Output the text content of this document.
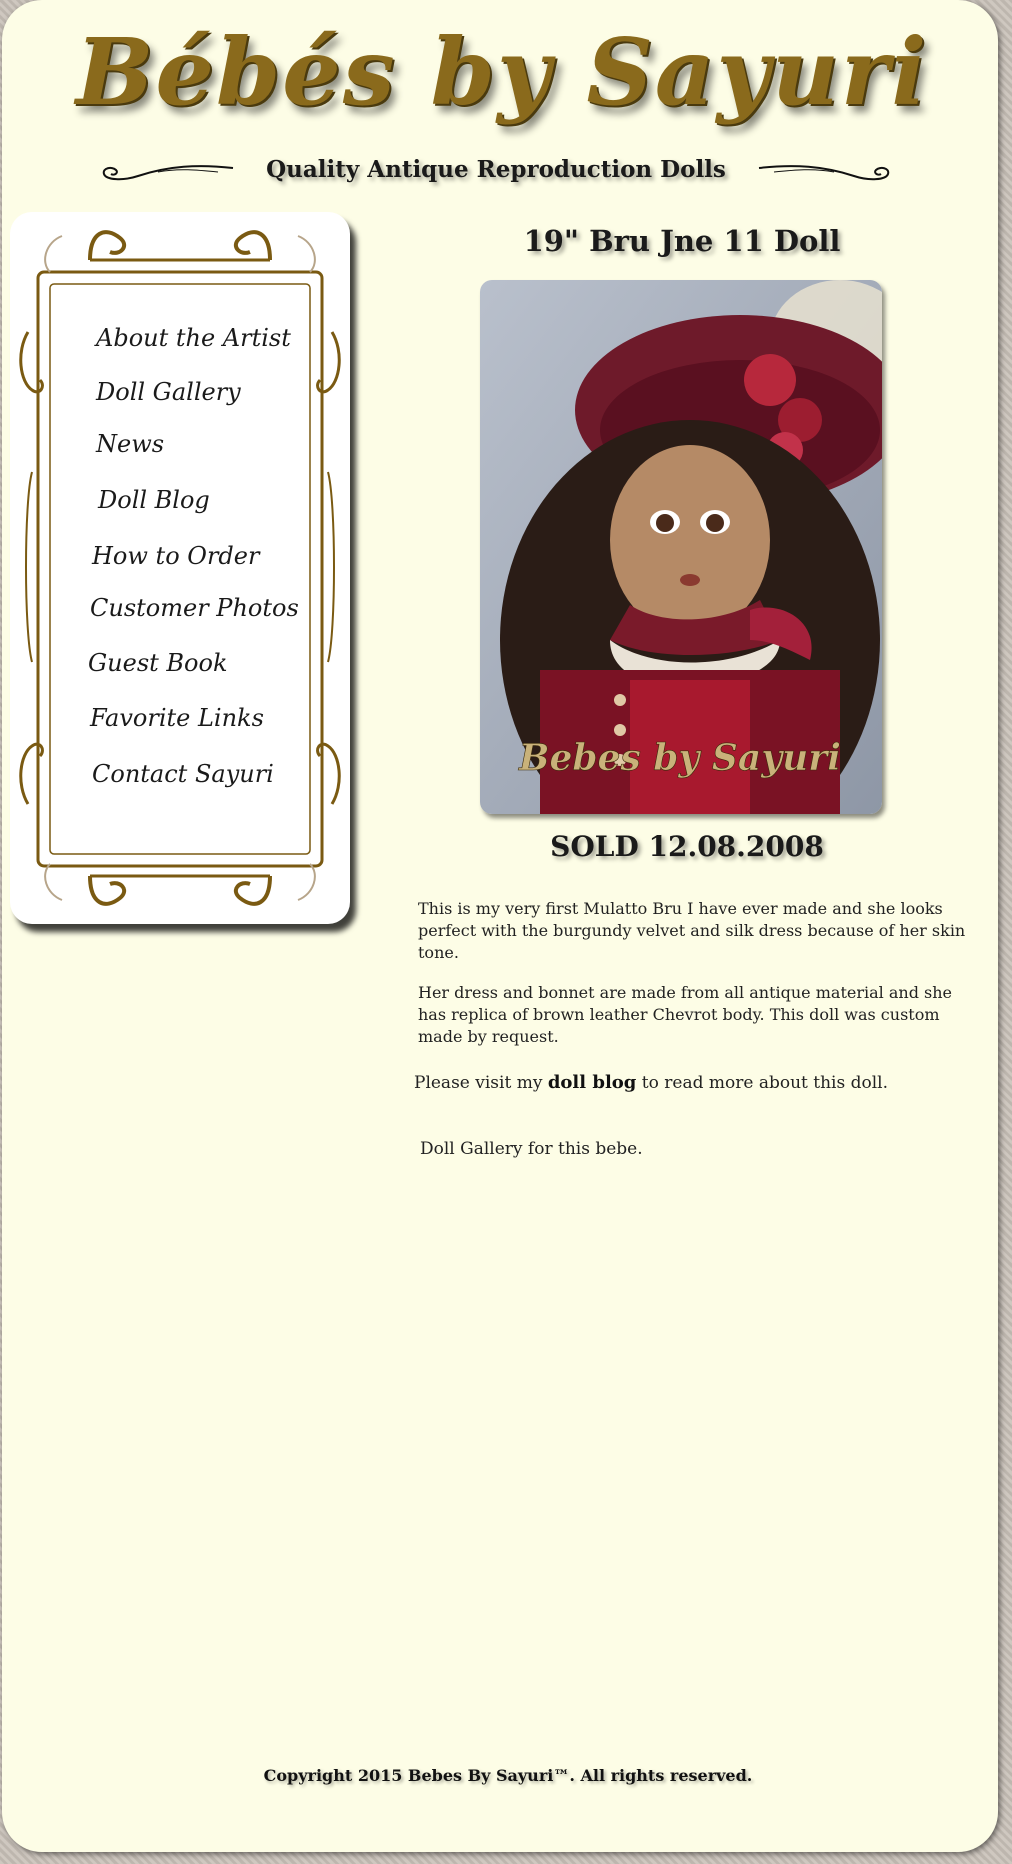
Bébés by Sayuri
Quality Antique Reproduction Dolls
About the Artist
Doll Gallery
News
Doll Blog
How to Order
Customer Photos
Guest Book
Favorite Links
Contact Sayuri
19" Bru Jne 11 Doll
Bebes by Sayuri
SOLD 12.08.2008

This is my very first Mulatto Bru I have ever made and she looks perfect with the burgundy velvet and silk dress because of her skin tone.

Her dress and bonnet are made from all antique material and she has replica of brown leather Chevrot body. This doll was custom made by request.

Please visit my doll blog to read more about this doll.

Doll Gallery for this bebe.

Copyright 2015 Bebes By Sayuri™. All rights reserved.
